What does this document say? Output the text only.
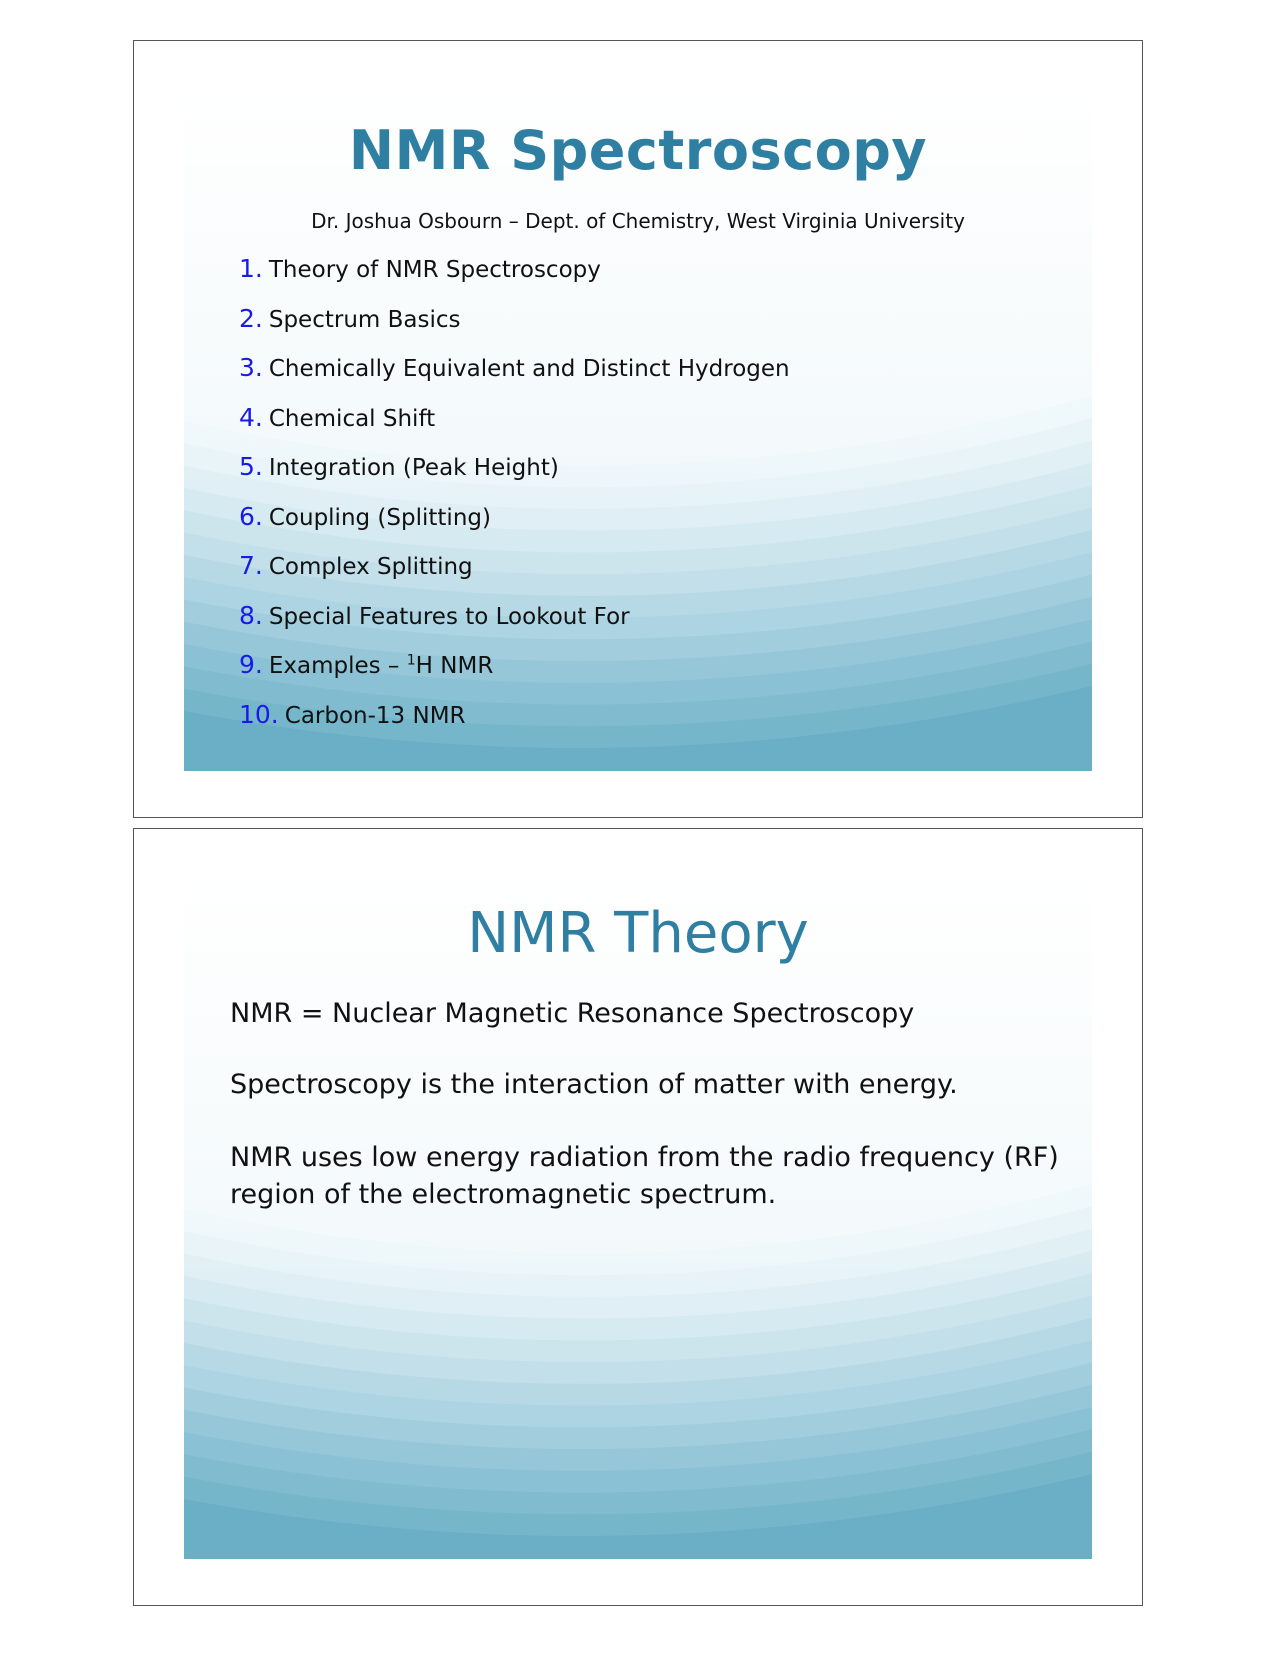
NMR Spectroscopy

Dr. Joshua Osbourn – Dept. of Chemistry, West Virginia University

1. Theory of NMR Spectroscopy
2. Spectrum Basics
3. Chemically Equivalent and Distinct Hydrogen
4. Chemical Shift
5. Integration (Peak Height)
6. Coupling (Splitting)
7. Complex Splitting
8. Special Features to Lookout For
9. Examples – $^1$H NMR
10. Carbon-13 NMR
NMR Theory

NMR = Nuclear Magnetic Resonance Spectroscopy

Spectroscopy is the interaction of matter with energy.

NMR uses low energy radiation from the radio frequency (RF) region of the electromagnetic spectrum.
